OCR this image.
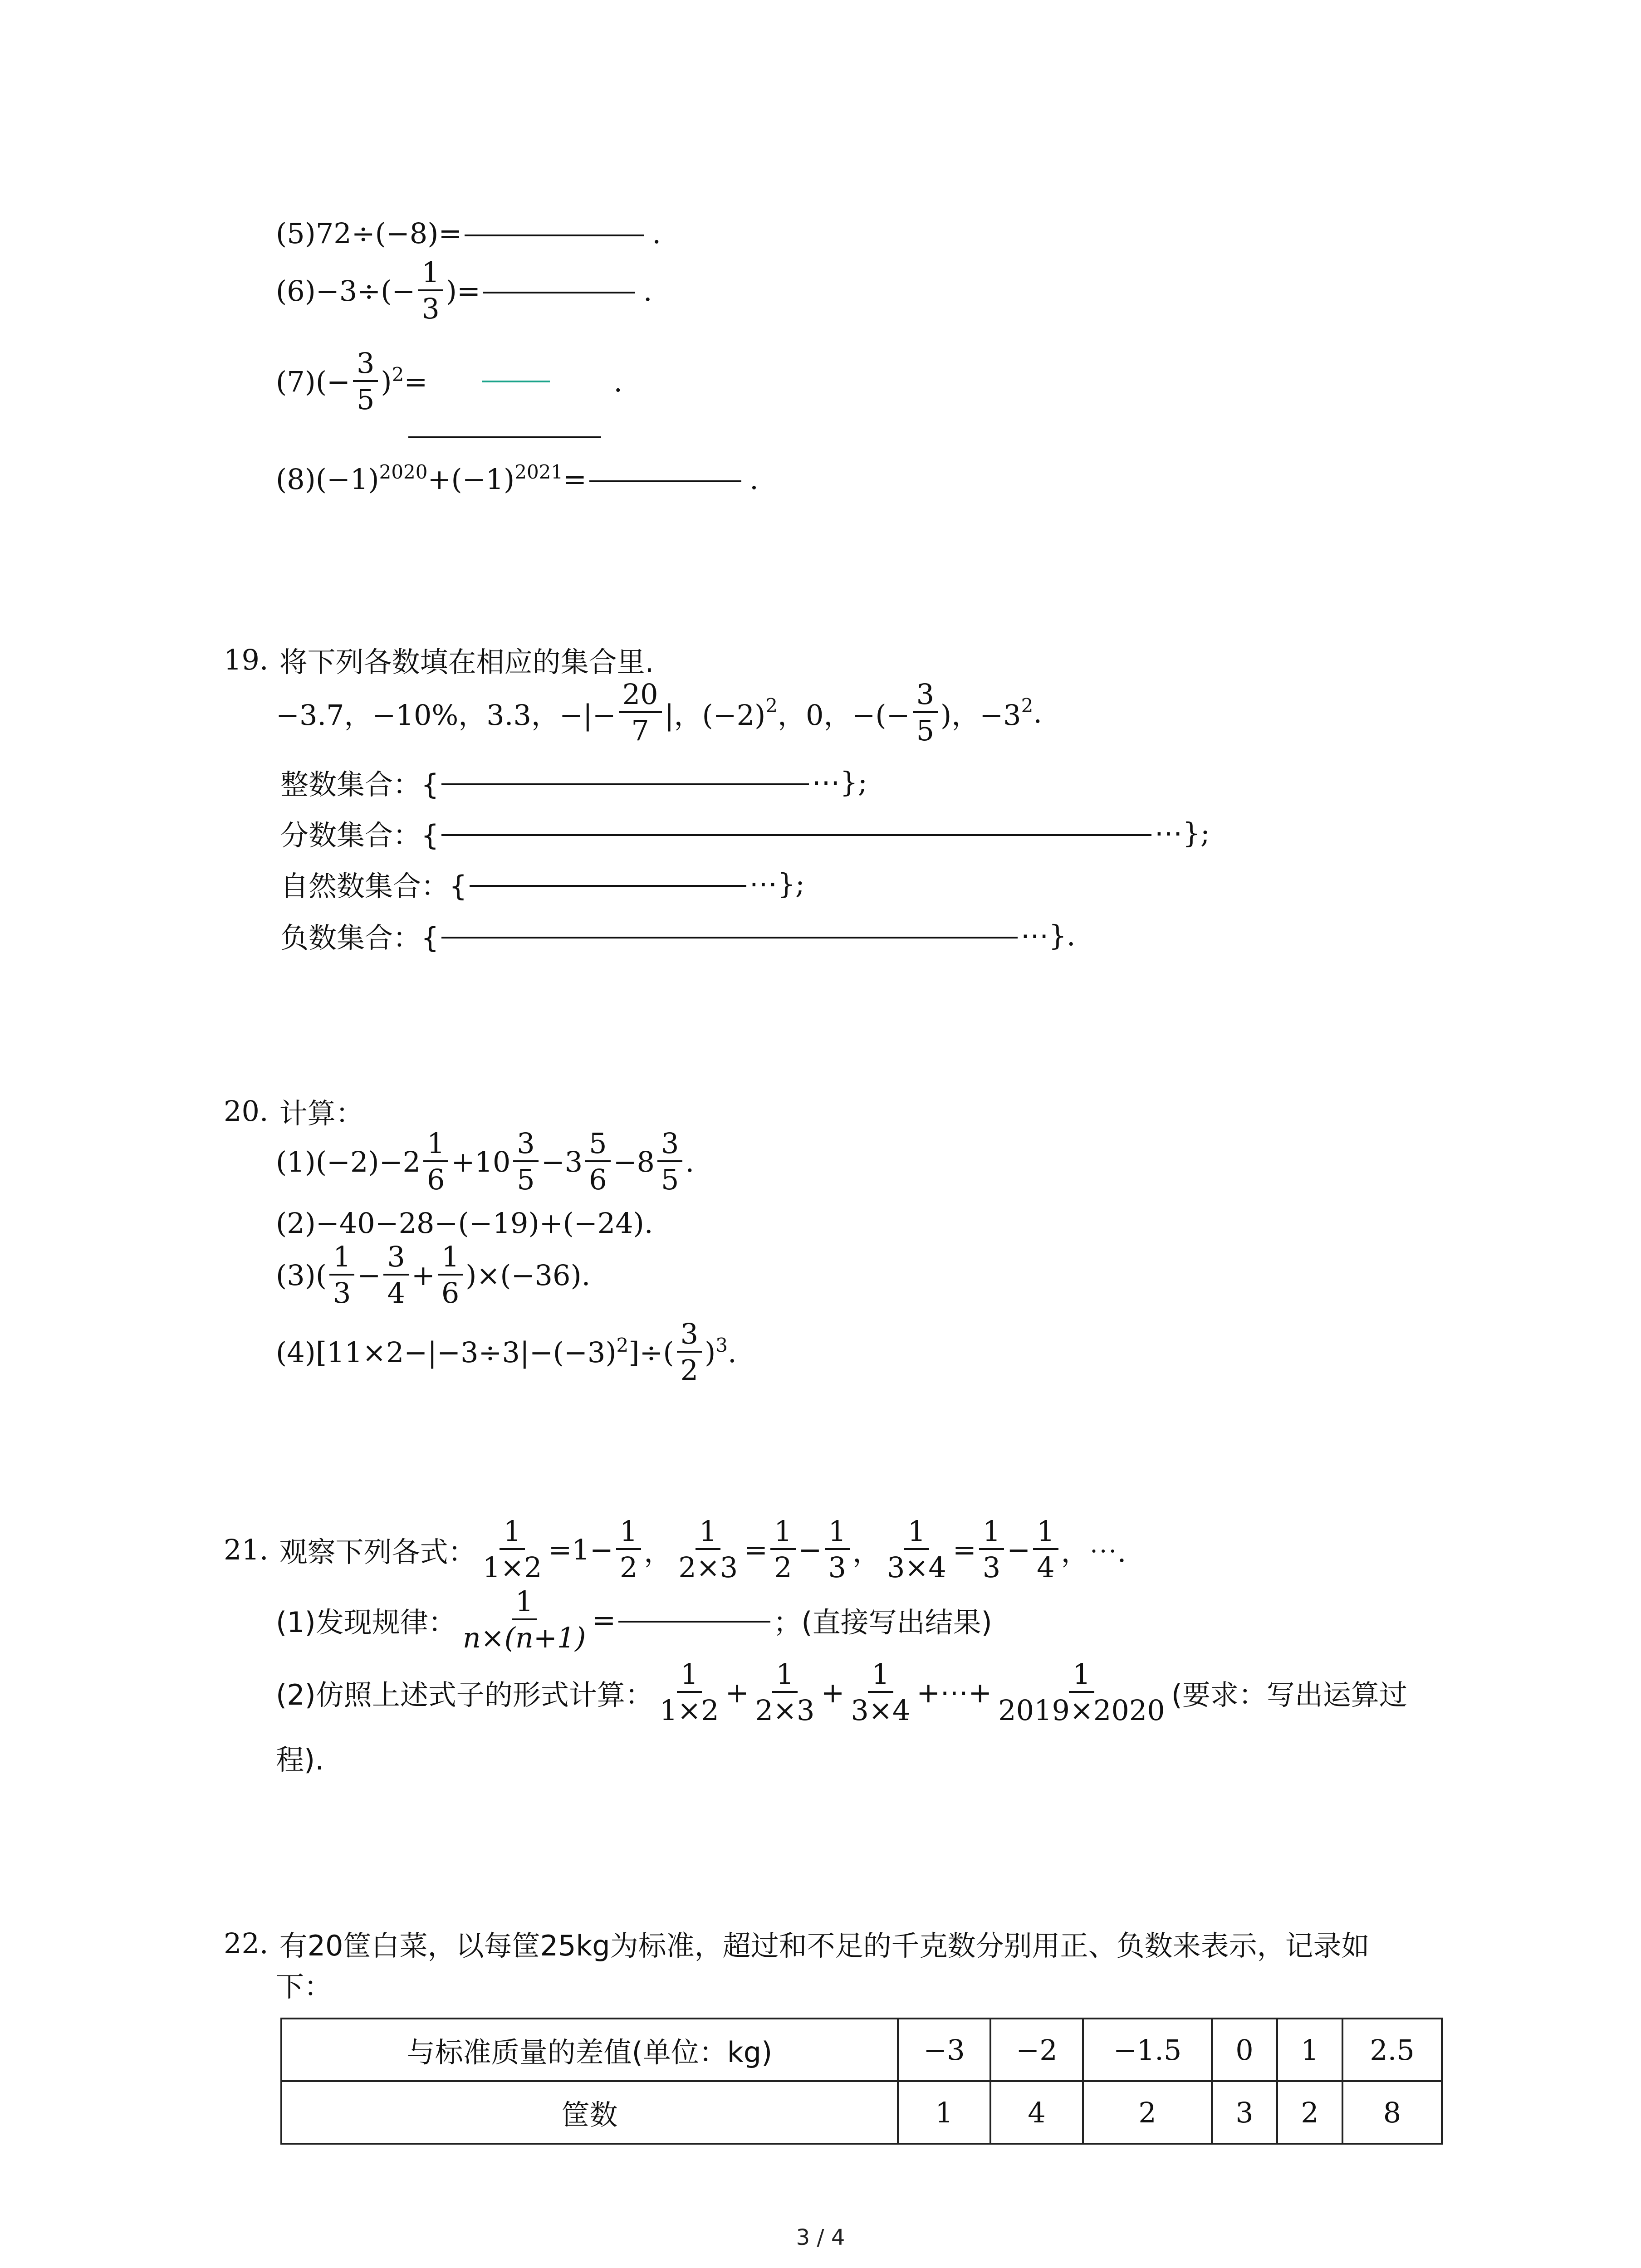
(5)72÷(−8)=	.
$(6)-3\div(- \frac{1}{3}$ )=	.
$(7)(- \frac{3}{5} )^2$ =	.
$(8)(-1)^{2020} +(-1)^{2021}$ =	.
19. 将下列各数填在相应的集合里.
−3.7，−10%，3.3，−|− $\frac{20}{7}$ |，$(-2)^2$ ，0，−(− $\frac{3}{5}$ )，$-3^2$ .
整数集合：{	⋯};
分数集合：{	⋯};
自然数集合：{	⋯};
负数集合：{	⋯}.
20. 计算：
$(1)(-2)-2 \frac{1}{6} +10 \frac{3}{5} -3 \frac{5}{6} -8 \frac{3}{5}$ .
(2)−40−28−(−19)+(−24).
$(3)( \frac{1}{3} - \frac{3}{4} + \frac{1}{6} )\times(-36)$.
$(4)[11\times 2-|-3\div 3|-(-3)^2$ ]÷( $\frac{3}{2} )^3$ .
21. 观察下列各式： $\frac{1}{1\times 2} =1- \frac{1}{2}$ ， $\frac{1}{2\times 3} = \frac{1}{2} - \frac{1}{3}$ ， $\frac{1}{3\times 4} = \frac{1}{3} - \frac{1}{4}$ ，⋯.
(1)发现规律： $\frac{1}{n\times(n+1)}$ =	；(直接写出结果)
(2)仿照上述式子的形式计算： $\frac{1}{1\times 2} + \frac{1}{2\times 3} + \frac{1}{3\times 4}$ +⋯+ $\frac{1}{2019\times 2020}$ (要求：写出运算过
程).
22. 有20筐白菜，以每筐25kg为标准，超过和不足的千克数分别用正、负数来表示，记录如
下：
与标准质量的差值(单位：kg)	−3	−2	−1.5	0	1	2.5
筐数	1	4	2	3	2	8
3 / 4
